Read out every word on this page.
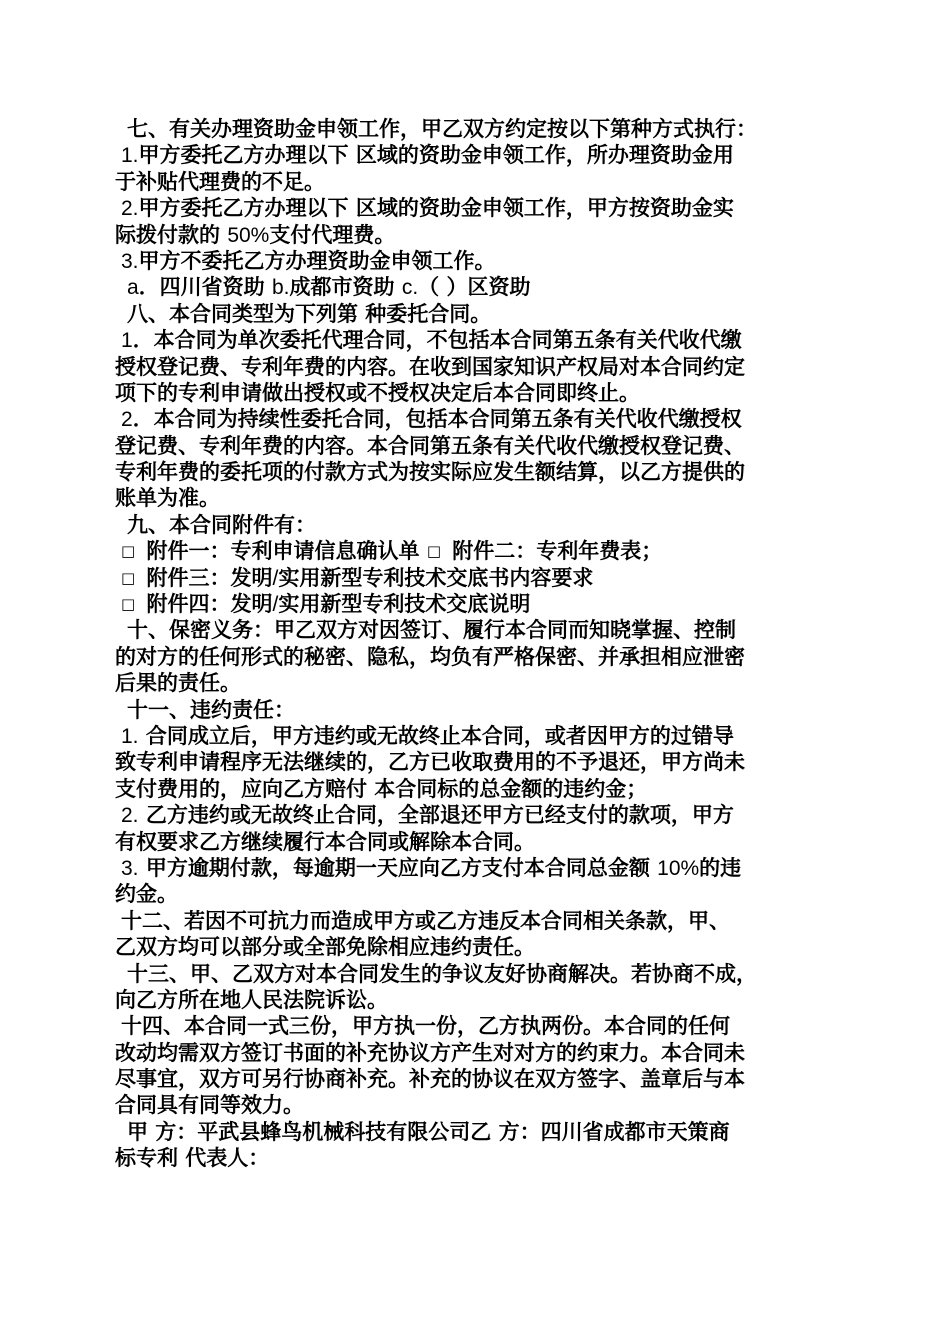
七、有关办理资助金申领工作，甲乙双方约定按以下第种方式执行：
1.甲方委托乙方办理以下 区域的资助金申领工作，所办理资助金用
于补贴代理费的不足。
2.甲方委托乙方办理以下 区域的资助金申领工作，甲方按资助金实
际拨付款的 50%支付代理费。
3.甲方不委托乙方办理资助金申领工作。
a．四川省资助 b.成都市资助 c.（ ）区资助
八、本合同类型为下列第 种委托合同。
1．本合同为单次委托代理合同，不包括本合同第五条有关代收代缴
授权登记费、专利年费的内容。在收到国家知识产权局对本合同约定
项下的专利申请做出授权或不授权决定后本合同即终止。
2．本合同为持续性委托合同，包括本合同第五条有关代收代缴授权
登记费、专利年费的内容。本合同第五条有关代收代缴授权登记费、
专利年费的委托项的付款方式为按实际应发生额结算，以乙方提供的
账单为准。
九、本合同附件有：
□ 附件一：专利申请信息确认单 □ 附件二：专利年费表；
□ 附件三：发明/实用新型专利技术交底书内容要求
□ 附件四：发明/实用新型专利技术交底说明
十、保密义务：甲乙双方对因签订、履行本合同而知晓掌握、控制
的对方的任何形式的秘密、隐私，均负有严格保密、并承担相应泄密
后果的责任。
十一、违约责任：
1. 合同成立后，甲方违约或无故终止本合同，或者因甲方的过错导
致专利申请程序无法继续的，乙方已收取费用的不予退还，甲方尚未
支付费用的，应向乙方赔付 本合同标的总金额的违约金；
2. 乙方违约或无故终止合同，全部退还甲方已经支付的款项，甲方
有权要求乙方继续履行本合同或解除本合同。
3. 甲方逾期付款，每逾期一天应向乙方支付本合同总金额 10%的违
约金。
十二、若因不可抗力而造成甲方或乙方违反本合同相关条款，甲、
乙双方均可以部分或全部免除相应违约责任。
十三、甲、乙双方对本合同发生的争议友好协商解决。若协商不成，
向乙方所在地人民法院诉讼。
十四、本合同一式三份，甲方执一份，乙方执两份。本合同的任何
改动均需双方签订书面的补充协议方产生对对方的约束力。本合同未
尽事宜，双方可另行协商补充。补充的协议在双方签字、盖章后与本
合同具有同等效力。
甲 方：平武县蜂鸟机械科技有限公司乙 方：四川省成都市天策商
标专利 代表人：
